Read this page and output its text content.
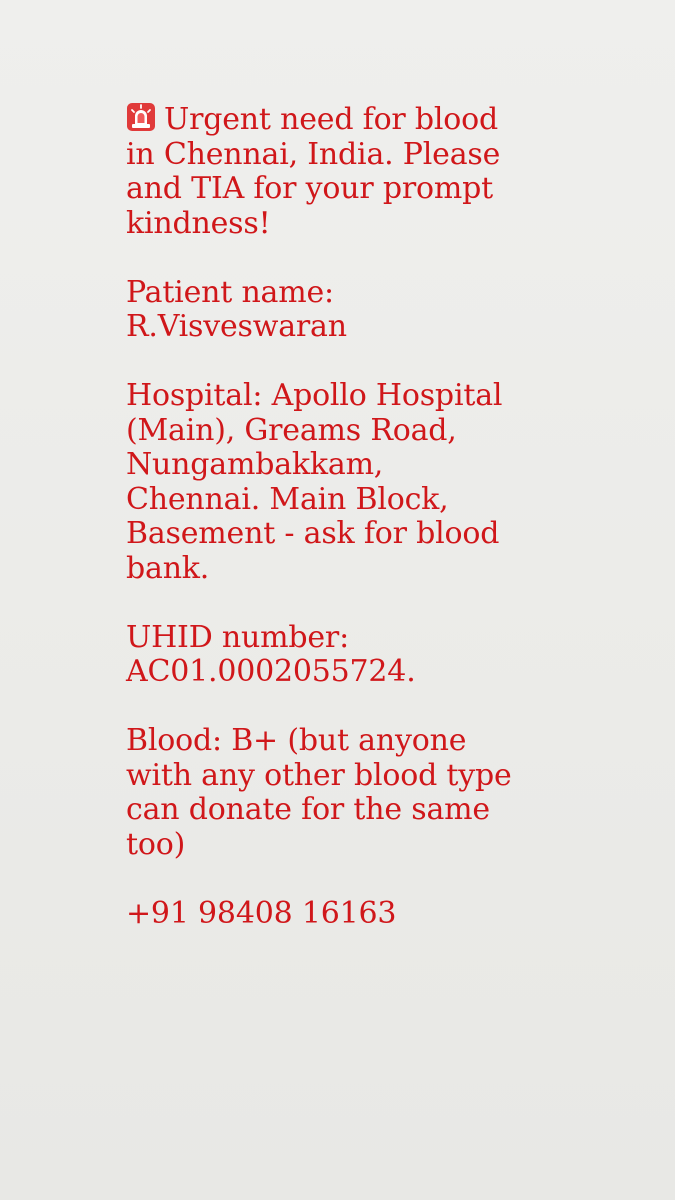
Urgent need for blood
in Chennai, India. Please
and TIA for your prompt
kindness!

Patient name:
R.Visveswaran

Hospital: Apollo Hospital
(Main), Greams Road,
Nungambakkam,
Chennai. Main Block,
Basement - ask for blood
bank.

UHID number:
AC01.0002055724.

Blood: B+ (but anyone
with any other blood type
can donate for the same
too)

+91 98408 16163
